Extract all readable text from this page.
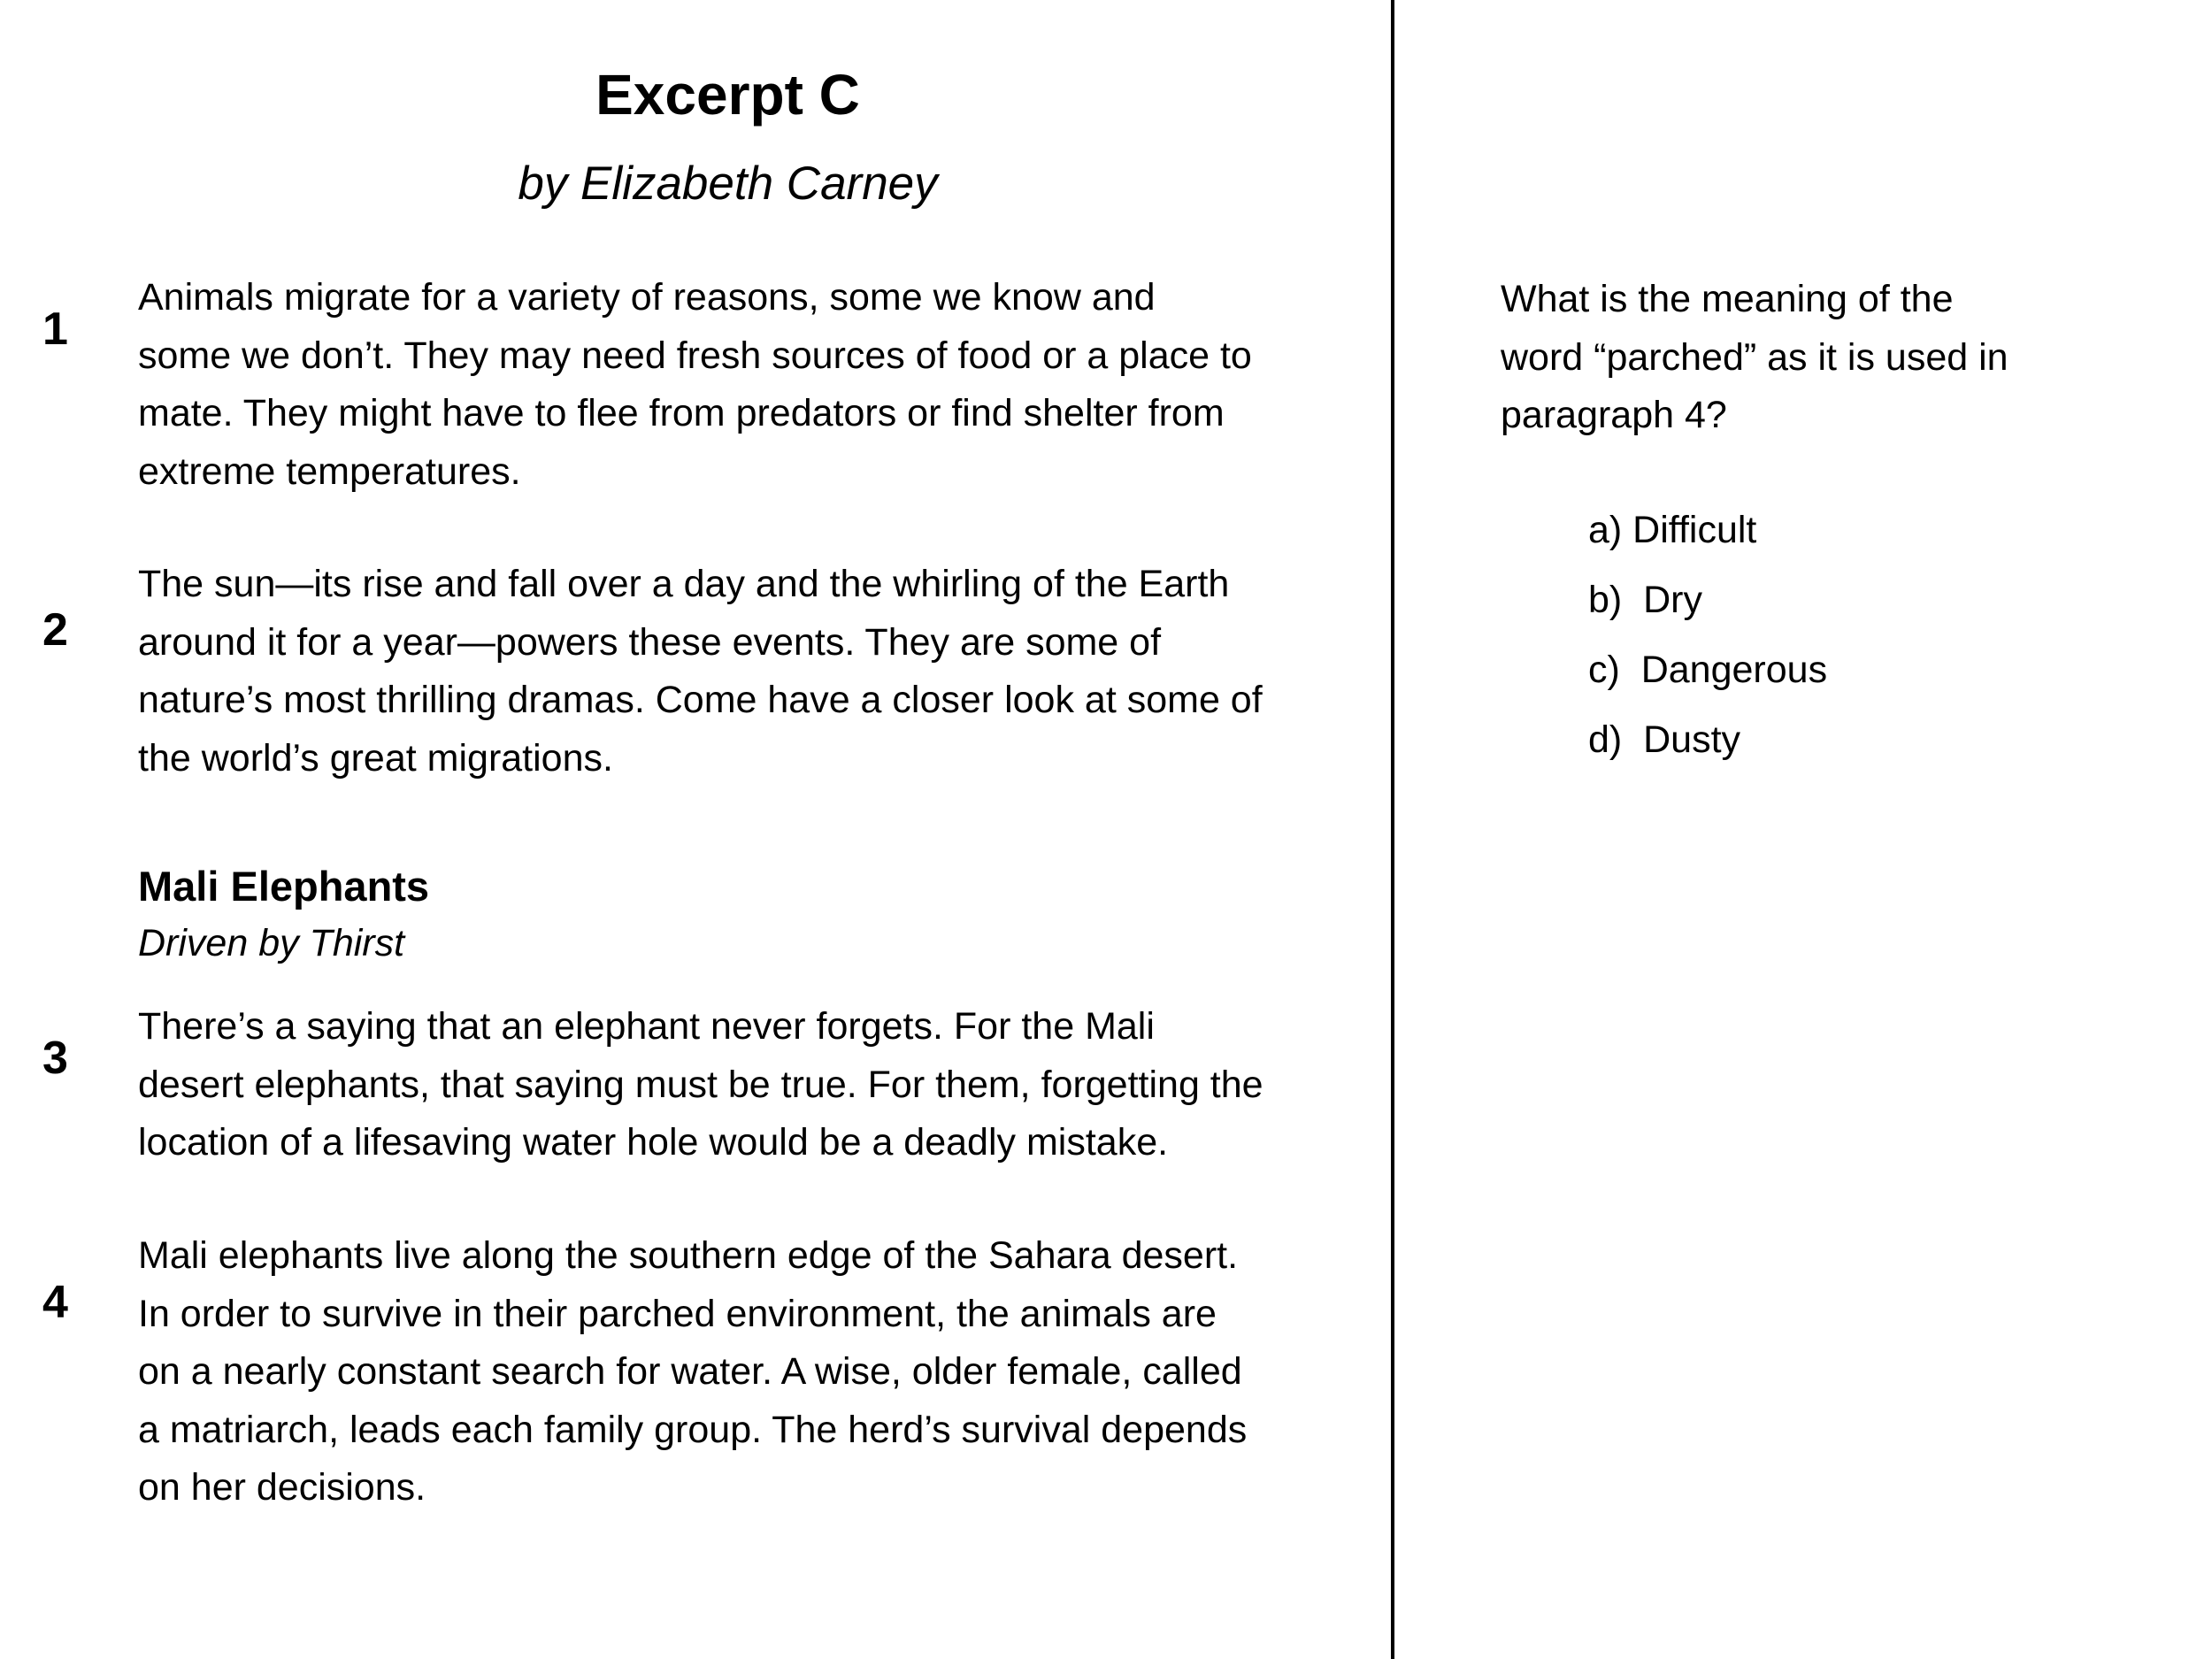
Excerpt C
by Elizabeth Carney
1
Animals migrate for a variety of reasons, some we know and
some we don’t. They may need fresh sources of food or a place to
mate. They might have to flee from predators or find shelter from
extreme temperatures.
2
The sun—its rise and fall over a day and the whirling of the Earth
around it for a year—powers these events. They are some of
nature’s most thrilling dramas. Come have a closer look at some of
the world’s great migrations.
Mali Elephants
Driven by Thirst
3
There’s a saying that an elephant never forgets. For the Mali
desert elephants, that saying must be true. For them, forgetting the
location of a lifesaving water hole would be a deadly mistake.
4
Mali elephants live along the southern edge of the Sahara desert.
In order to survive in their parched environment, the animals are
on a nearly constant search for water. A wise, older female, called
a matriarch, leads each family group. The herd’s survival depends
on her decisions.
What is the meaning of the
word “parched” as it is used in
paragraph 4?
a) Difficult
b)  Dry
c)  Dangerous
d)  Dusty
